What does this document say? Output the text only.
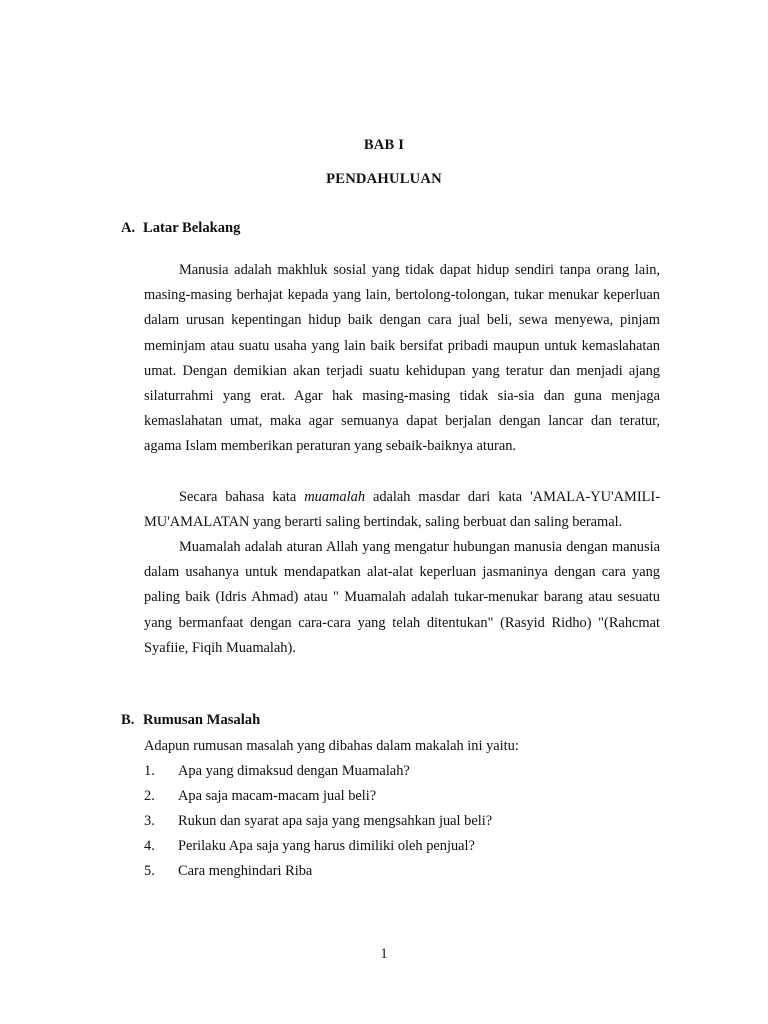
BAB I
PENDAHULUAN
A. Latar Belakang

Manusia adalah makhluk sosial yang tidak dapat hidup sendiri tanpa orang lain, masing-masing berhajat kepada yang lain, bertolong-tolongan, tukar menukar keperluan dalam urusan kepentingan hidup baik dengan cara jual beli, sewa menyewa, pinjam meminjam atau suatu usaha yang lain baik bersifat pribadi maupun untuk kemaslahatan umat. Dengan demikian akan terjadi suatu kehidupan yang teratur dan menjadi ajang silaturrahmi yang erat. Agar hak masing-masing tidak sia-sia dan guna menjaga kemaslahatan umat, maka agar semuanya dapat berjalan dengan lancar dan teratur, agama Islam memberikan peraturan yang sebaik-baiknya aturan.

Secara bahasa kata muamalah adalah masdar dari kata 'AMALA-YU'AMILI-MU'AMALATAN yang berarti saling bertindak, saling berbuat dan saling beramal.

Muamalah adalah aturan Allah yang mengatur hubungan manusia dengan manusia dalam usahanya untuk mendapatkan alat-alat keperluan jasmaninya dengan cara yang paling baik (Idris Ahmad) atau " Muamalah adalah tukar-menukar barang atau sesuatu yang bermanfaat dengan cara-cara yang telah ditentukan" (Rasyid Ridho) "(Rahcmat Syafiie, Fiqih Muamalah).

B. Rumusan Masalah
Adapun rumusan masalah yang dibahas dalam makalah ini yaitu:
1. Apa yang dimaksud dengan Muamalah?
2. Apa saja macam-macam jual beli?
3. Rukun dan syarat apa saja yang mengsahkan jual beli?
4. Perilaku Apa saja yang harus dimiliki oleh penjual?
5. Cara menghindari Riba
1
